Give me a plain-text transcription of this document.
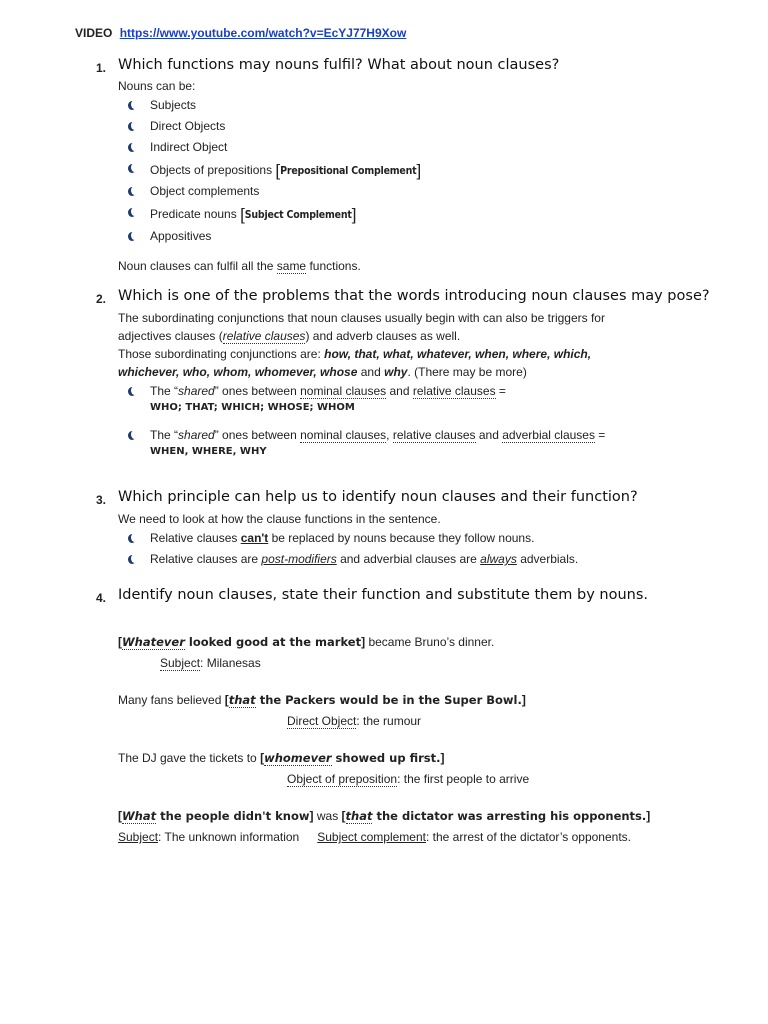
VIDEO https://www.youtube.com/watch?v=EcYJ77H9Xow
1. Which functions may nouns fulfil? What about noun clauses?
Nouns can be:
Subjects
Direct Objects
Indirect Object
Objects of prepositions [Prepositional Complement]
Object complements
Predicate nouns [Subject Complement]
Appositives
Noun clauses can fulfil all the same functions.
2. Which is one of the problems that the words introducing noun clauses may pose?
The subordinating conjunctions that noun clauses usually begin with can also be triggers for
adjectives clauses (relative clauses) and adverb clauses as well.
Those subordinating conjunctions are: how, that, what, whatever, when, where, which,
whichever, who, whom, whomever, whose and why. (There may be more)
The “shared” ones between nominal clauses and relative clauses =
WHO; THAT; WHICH; WHOSE; WHOM
The “shared” ones between nominal clauses, relative clauses and adverbial clauses =
WHEN, WHERE, WHY
3. Which principle can help us to identify noun clauses and their function?
We need to look at how the clause functions in the sentence.
Relative clauses can't be replaced by nouns because they follow nouns.
Relative clauses are post-modifiers and adverbial clauses are always adverbials.
4. Identify noun clauses, state their function and substitute them by nouns.
[Whatever looked good at the market] became Bruno’s dinner.
Subject: Milanesas
Many fans believed [that the Packers would be in the Super Bowl.]
Direct Object: the rumour
The DJ gave the tickets to [whomever showed up first.]
Object of preposition: the first people to arrive
[What the people didn't know] was [that the dictator was arresting his opponents.]
Subject: The unknown information Subject complement: the arrest of the dictator’s opponents.
